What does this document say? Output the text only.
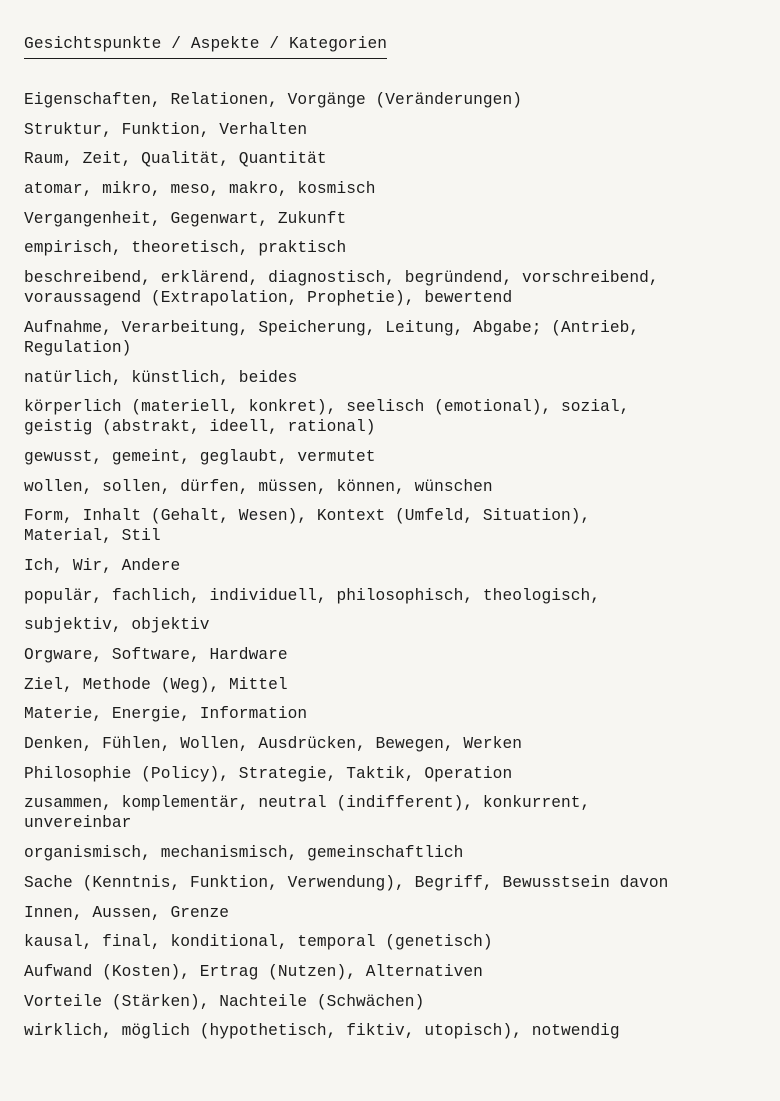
Gesichtspunkte / Aspekte / Kategorien
Eigenschaften, Relationen, Vorgänge (Veränderungen)
Struktur, Funktion, Verhalten
Raum, Zeit, Qualität, Quantität
atomar, mikro, meso, makro, kosmisch
Vergangenheit, Gegenwart, Zukunft
empirisch, theoretisch, praktisch
beschreibend, erklärend, diagnostisch, begründend, vorschreibend,
voraussagend (Extrapolation, Prophetie), bewertend
Aufnahme, Verarbeitung, Speicherung, Leitung, Abgabe; (Antrieb,
Regulation)
natürlich, künstlich, beides
körperlich (materiell, konkret), seelisch (emotional), sozial,
geistig (abstrakt, ideell, rational)
gewusst, gemeint, geglaubt, vermutet
wollen, sollen, dürfen, müssen, können, wünschen
Form, Inhalt (Gehalt, Wesen), Kontext (Umfeld, Situation),
Material, Stil
Ich, Wir, Andere
populär, fachlich, individuell, philosophisch, theologisch,
subjektiv, objektiv
Orgware, Software, Hardware
Ziel, Methode (Weg), Mittel
Materie, Energie, Information
Denken, Fühlen, Wollen, Ausdrücken, Bewegen, Werken
Philosophie (Policy), Strategie, Taktik, Operation
zusammen, komplementär, neutral (indifferent), konkurrent,
unvereinbar
organismisch, mechanismisch, gemeinschaftlich
Sache (Kenntnis, Funktion, Verwendung), Begriff, Bewusstsein davon
Innen, Aussen, Grenze
kausal, final, konditional, temporal (genetisch)
Aufwand (Kosten), Ertrag (Nutzen), Alternativen
Vorteile (Stärken), Nachteile (Schwächen)
wirklich, möglich (hypothetisch, fiktiv, utopisch), notwendig
